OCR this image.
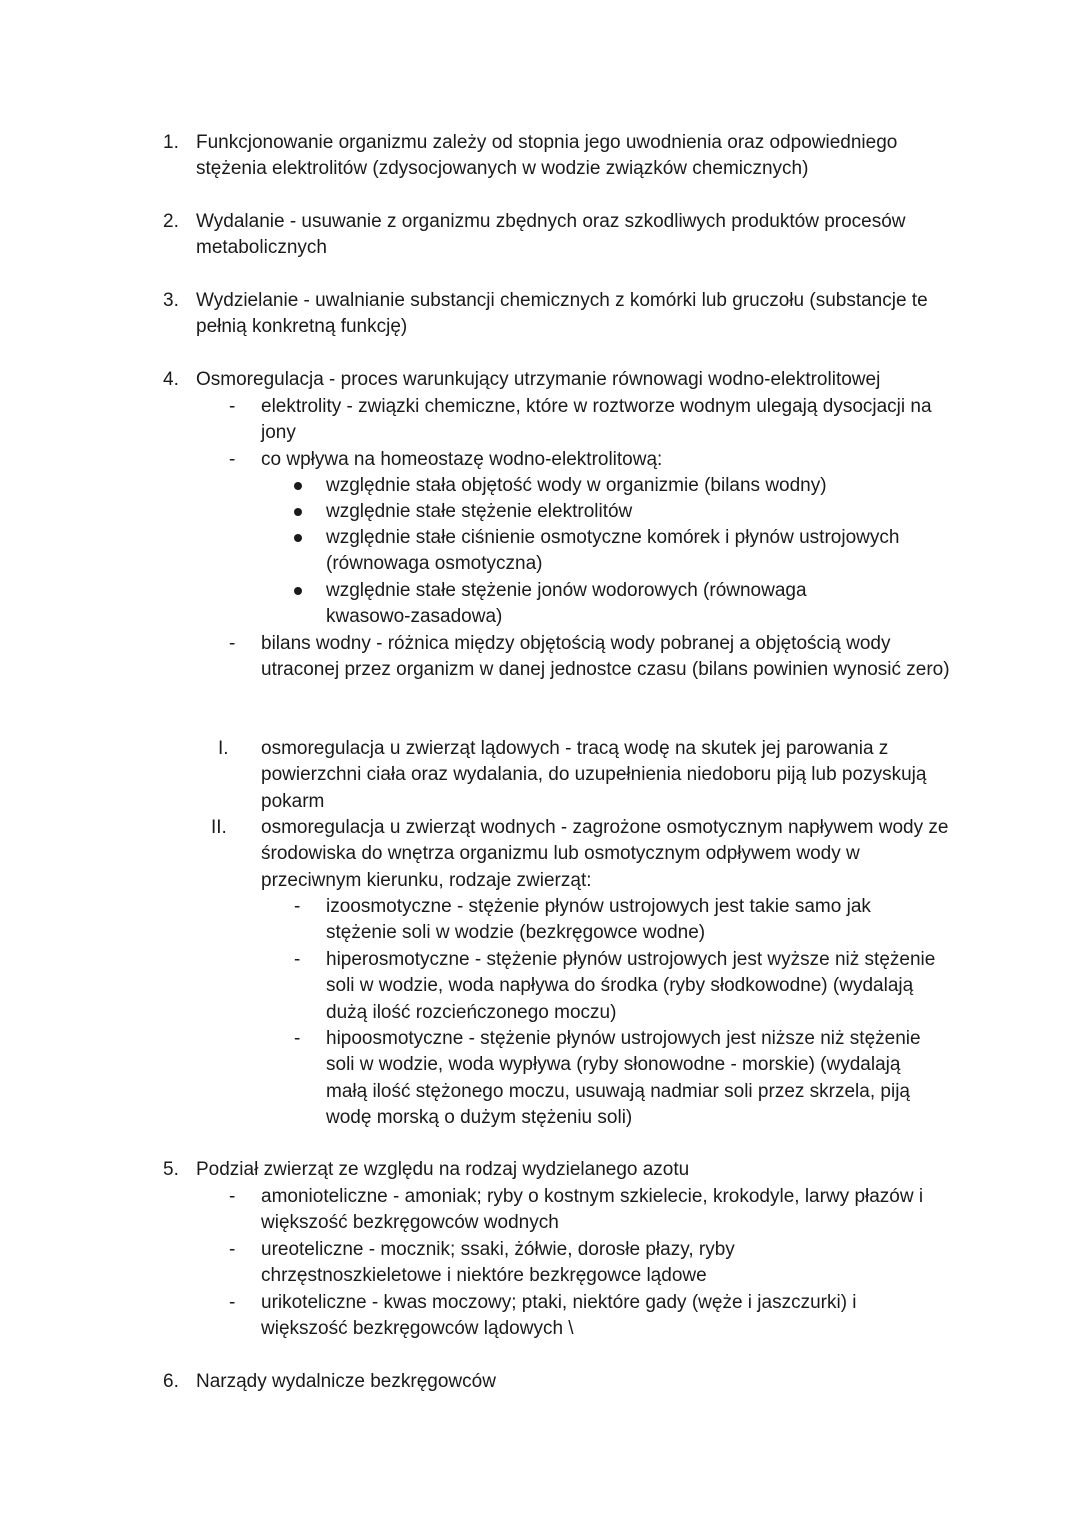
1. Funkcjonowanie organizmu zależy od stopnia jego uwodnienia oraz odpowiedniego stężenia elektrolitów (zdysocjowanych w wodzie związków chemicznych)
2. Wydalanie - usuwanie z organizmu zbędnych oraz szkodliwych produktów procesów metabolicznych
3. Wydzielanie - uwalnianie substancji chemicznych z komórki lub gruczołu (substancje te pełnią konkretną funkcję)
4. Osmoregulacja - proces warunkujący utrzymanie równowagi wodno-elektrolitowej
- elektrolity - związki chemiczne, które w roztworze wodnym ulegają dysocjacji na jony
- co wpływa na homeostazę wodno-elektrolitową:
względnie stała objętość wody w organizmie (bilans wodny)
względnie stałe stężenie elektrolitów
względnie stałe ciśnienie osmotyczne komórek i płynów ustrojowych (równowaga osmotyczna)
względnie stałe stężenie jonów wodorowych (równowaga kwasowo-zasadowa)
- bilans wodny - różnica między objętością wody pobranej a objętością wody utraconej przez organizm w danej jednostce czasu (bilans powinien wynosić zero)
I. osmoregulacja u zwierząt lądowych - tracą wodę na skutek jej parowania z powierzchni ciała oraz wydalania, do uzupełnienia niedoboru piją lub pozyskują pokarm
II. osmoregulacja u zwierząt wodnych - zagrożone osmotycznym napływem wody ze środowiska do wnętrza organizmu lub osmotycznym odpływem wody w przeciwnym kierunku, rodzaje zwierząt:
- izoosmotyczne - stężenie płynów ustrojowych jest takie samo jak stężenie soli w wodzie (bezkręgowce wodne)
- hiperosmotyczne - stężenie płynów ustrojowych jest wyższe niż stężenie soli w wodzie, woda napływa do środka (ryby słodkowodne) (wydalają dużą ilość rozcieńczonego moczu)
- hipoosmotyczne - stężenie płynów ustrojowych jest niższe niż stężenie soli w wodzie, woda wypływa (ryby słonowodne - morskie) (wydalają małą ilość stężonego moczu, usuwają nadmiar soli przez skrzela, piją wodę morską o dużym stężeniu soli)
5. Podział zwierząt ze względu na rodzaj wydzielanego azotu
- amonioteliczne - amoniak; ryby o kostnym szkielecie, krokodyle, larwy płazów i większość bezkręgowców wodnych
- ureoteliczne - mocznik; ssaki, żółwie, dorosłe płazy, ryby chrzęstnoszkieletowe i niektóre bezkręgowce lądowe
- urikoteliczne - kwas moczowy; ptaki, niektóre gady (węże i jaszczurki) i większość bezkręgowców lądowych \
6. Narządy wydalnicze bezkręgowców
